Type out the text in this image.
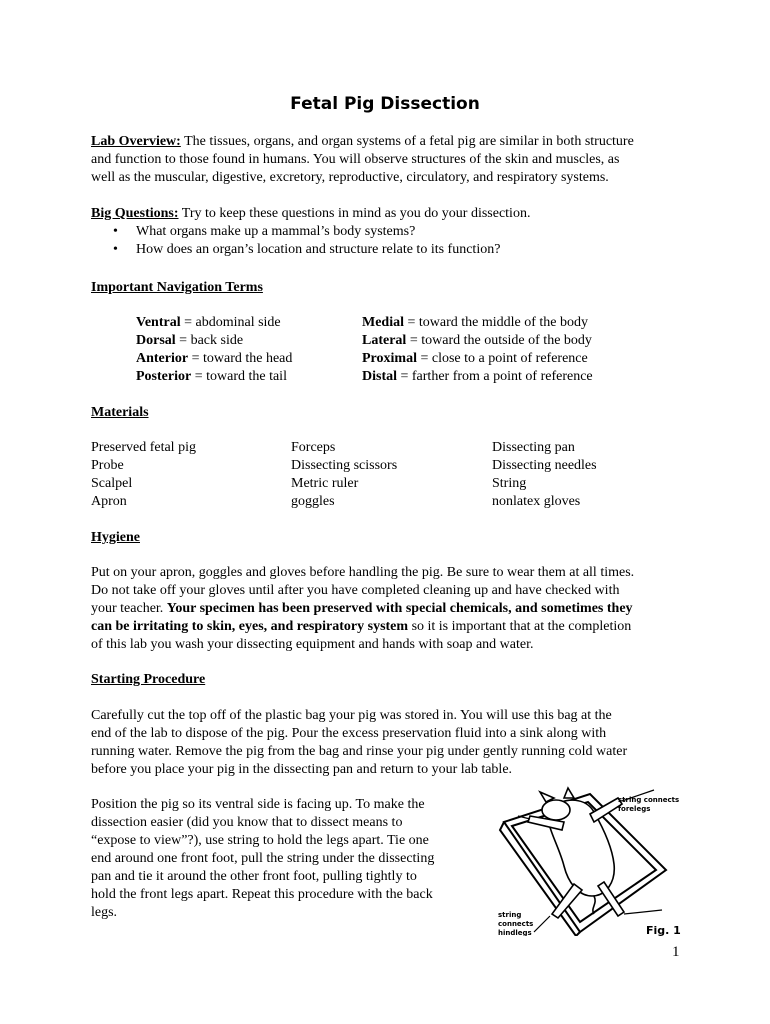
Fetal Pig Dissection
Lab Overview: The tissues, organs, and organ systems of a fetal pig are similar in both structure
and function to those found in humans. You will observe structures of the skin and muscles, as
well as the muscular, digestive, excretory, reproductive, circulatory, and respiratory systems.
Big Questions: Try to keep these questions in mind as you do your dissection.
• What organs make up a mammal’s body systems?
• How does an organ’s location and structure relate to its function?
Important Navigation Terms
Ventral = abdominal side
Dorsal = back side
Anterior = toward the head
Posterior = toward the tail
Medial = toward the middle of the body
Lateral = toward the outside of the body
Proximal = close to a point of reference
Distal = farther from a point of reference
Materials
Preserved fetal pig
Probe
Scalpel
Apron
Forceps
Dissecting scissors
Metric ruler
goggles
Dissecting pan
Dissecting needles
String
nonlatex gloves
Hygiene
Put on your apron, goggles and gloves before handling the pig. Be sure to wear them at all times.
Do not take off your gloves until after you have completed cleaning up and have checked with
your teacher. Your specimen has been preserved with special chemicals, and sometimes they
can be irritating to skin, eyes, and respiratory system so it is important that at the completion
of this lab you wash your dissecting equipment and hands with soap and water.
Starting Procedure
Carefully cut the top off of the plastic bag your pig was stored in. You will use this bag at the
end of the lab to dispose of the pig. Pour the excess preservation fluid into a sink along with
running water. Remove the pig from the bag and rinse your pig under gently running cold water
before you place your pig in the dissecting pan and return to your lab table.
Position the pig so its ventral side is facing up. To make the
dissection easier (did you know that to dissect means to
“expose to view”?), use string to hold the legs apart. Tie one
end around one front foot, pull the string under the dissecting
pan and tie it around the other front foot, pulling tightly to
hold the front legs apart. Repeat this procedure with the back
legs.
string connects
forelegs
string
connects
hindlegs	Fig. 1
1
